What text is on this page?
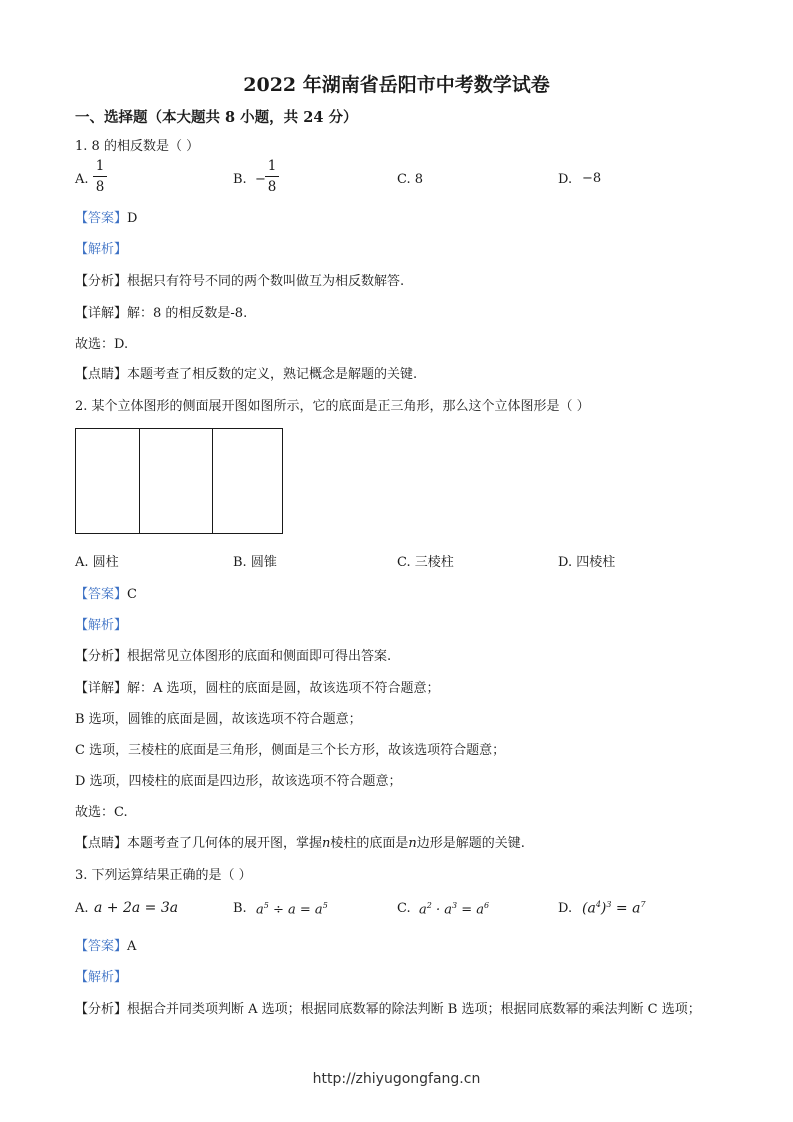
2022 年湖南省岳阳市中考数学试卷
一、选择题（本大题共 8 小题，共 24 分）
1. 8 的相反数是（ ）
A.
1
8	B. −
1
8	C. 8	D. −8
【答案】D
【解析】
【分析】根据只有符号不同的两个数叫做互为相反数解答.
【详解】解：8 的相反数是-8.
故选：D.
【点睛】本题考查了相反数的定义，熟记概念是解题的关键.
2. 某个立体图形的侧面展开图如图所示，它的底面是正三角形，那么这个立体图形是（ ）
A. 圆柱	B. 圆锥	C. 三棱柱	D. 四棱柱
【答案】C
【解析】
【分析】根据常见立体图形的底面和侧面即可得出答案.
【详解】解：A 选项，圆柱的底面是圆，故该选项不符合题意；
B 选项，圆锥的底面是圆，故该选项不符合题意；
C 选项，三棱柱的底面是三角形，侧面是三个长方形，故该选项符合题意；
D 选项，四棱柱的底面是四边形，故该选项不符合题意；
故选：C.
【点睛】本题考查了几何体的展开图，掌握n棱柱的底面是n边形是解题的关键.
3. 下列运算结果正确的是（ ）
A. a + 2a = 3a	B. $a^5 \div a = a^5$	C. $a^2 \cdot a^3 = a^6$	D. $(a^4)^3 = a^7$
【答案】A
【解析】
【分析】根据合并同类项判断 A 选项；根据同底数幂的除法判断 B 选项；根据同底数幂的乘法判断 C 选项；
http://zhiyugongfang.cn
